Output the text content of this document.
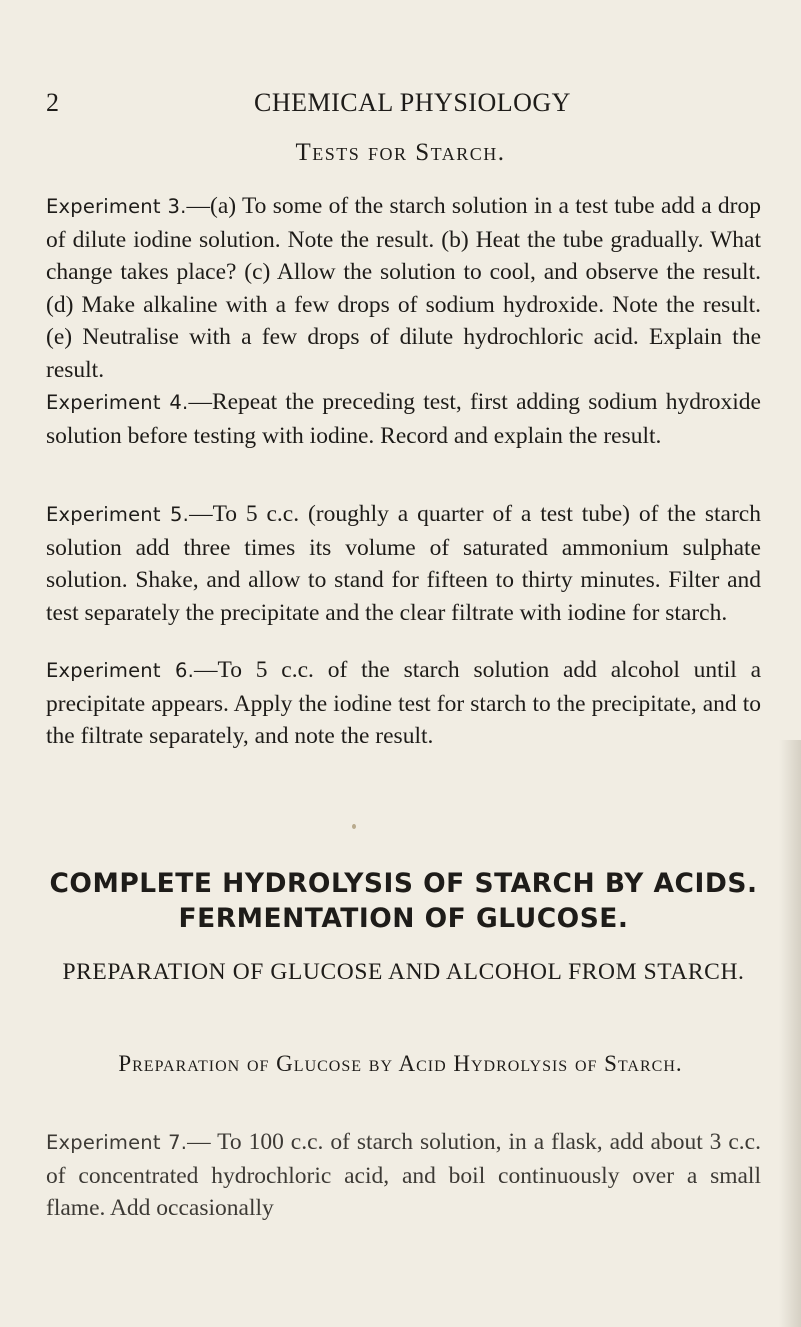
2	CHEMICAL PHYSIOLOGY
Tests for Starch.

Experiment 3.—(a) To some of the starch solution in a test tube add a drop of dilute iodine solution. Note the result. (b) Heat the tube gradually. What change takes place? (c) Allow the solution to cool, and observe the result. (d) Make alkaline with a few drops of sodium hydroxide. Note the result. (e) Neutralise with a few drops of dilute hydrochloric acid. Explain the result.

Experiment 4.—Repeat the preceding test, first adding sodium hydroxide solution before testing with iodine. Record and explain the result.

Experiment 5.—To 5 c.c. (roughly a quarter of a test tube) of the starch solution add three times its volume of saturated ammonium sulphate solution. Shake, and allow to stand for fifteen to thirty minutes. Filter and test separately the precipitate and the clear filtrate with iodine for starch.

Experiment 6.—To 5 c.c. of the starch solution add alcohol until a precipitate appears. Apply the iodine test for starch to the precipitate, and to the filtrate separately, and note the result.

COMPLETE HYDROLYSIS OF STARCH BY ACIDS. FERMENTATION OF GLUCOSE.
PREPARATION OF GLUCOSE AND ALCOHOL FROM STARCH.
Preparation of Glucose by Acid Hydrolysis of Starch.

Experiment 7.— To 100 c.c. of starch solution, in a flask, add about 3 c.c. of concentrated hydrochloric acid, and boil continuously over a small flame. Add occasionally
